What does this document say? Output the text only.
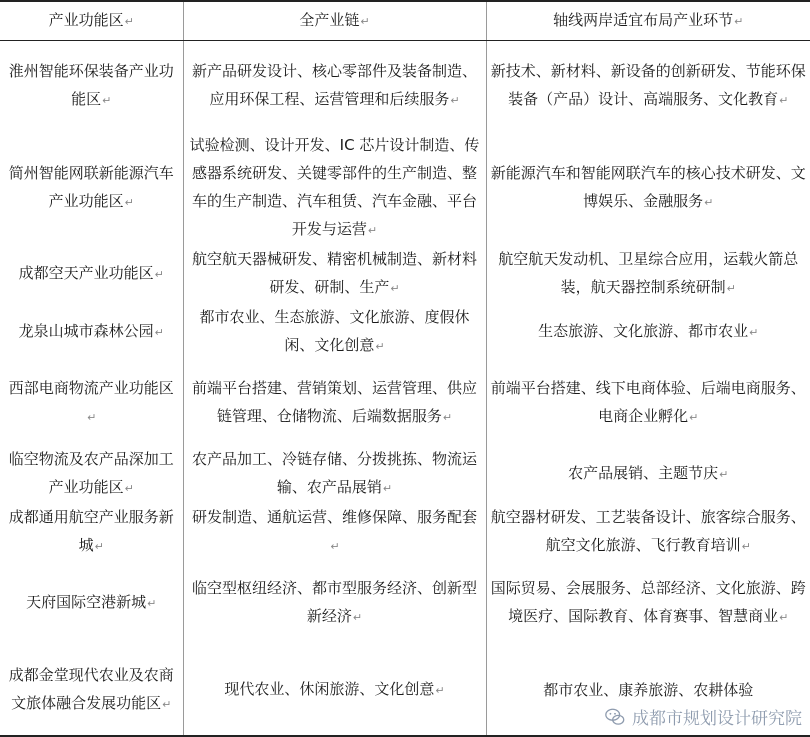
产业功能区↵	全产业链↵	轴线两岸适宜布局产业环节↵
淮州智能环保装备产业功能区↵	新产品研发设计、核心零部件及装备制造、应用环保工程、运营管理和后续服务↵	新技术、新材料、新设备的创新研发、节能环保装备（产品）设计、高端服务、文化教育↵
简州智能网联新能源汽车产业功能区↵	试验检测、设计开发、IC 芯片设计制造、传感器系统研发、关键零部件的生产制造、整车的生产制造、汽车租赁、汽车金融、平台开发与运营↵	新能源汽车和智能网联汽车的核心技术研发、文博娱乐、金融服务↵
成都空天产业功能区↵	航空航天器械研发、精密机械制造、新材料研发、研制、生产↵	航空航天发动机、卫星综合应用，运载火箭总装，航天器控制系统研制↵
龙泉山城市森林公园↵	都市农业、生态旅游、文化旅游、度假休闲、文化创意↵	生态旅游、文化旅游、都市农业↵
西部电商物流产业功能区↵	前端平台搭建、营销策划、运营管理、供应链管理、仓储物流、后端数据服务↵	前端平台搭建、线下电商体验、后端电商服务、电商企业孵化↵
临空物流及农产品深加工产业功能区↵	农产品加工、冷链存储、分拨挑拣、物流运输、农产品展销↵	农产品展销、主题节庆↵
成都通用航空产业服务新城↵	研发制造、通航运营、维修保障、服务配套↵	航空器材研发、工艺装备设计、旅客综合服务、航空文化旅游、飞行教育培训↵
天府国际空港新城↵	临空型枢纽经济、都市型服务经济、创新型新经济↵	国际贸易、会展服务、总部经济、文化旅游、跨境医疗、国际教育、体育赛事、智慧商业↵
成都金堂现代农业及农商文旅体融合发展功能区↵	现代农业、休闲旅游、文化创意↵	都市农业、康养旅游、农耕体验
成都市规划设计研究院
